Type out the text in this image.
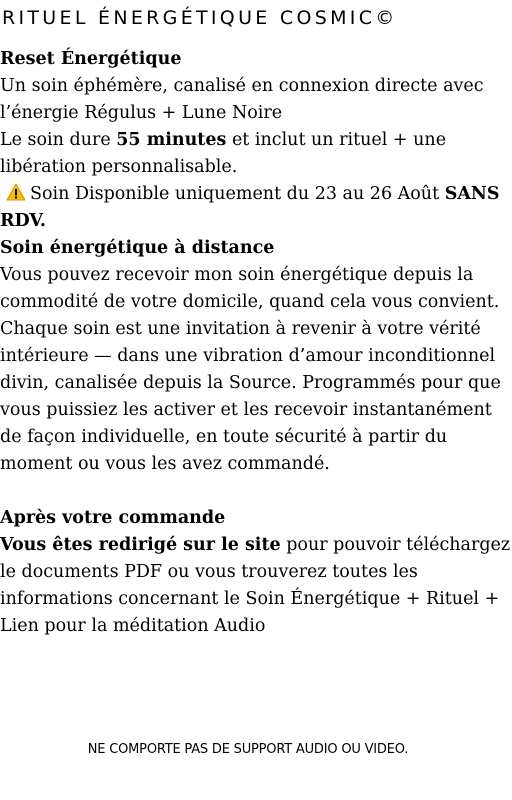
RITUEL ÉNERGÉTIQUE COSMIC©

Reset Énergétique

Un soin éphémère, canalisé en connexion directe avec l’énergie Régulus + Lune Noire

Le soin dure 55 minutes et inclut un rituel + une libération personnalisable.

Soin Disponible uniquement du 23 au 26 Août SANS RDV.

Soin énergétique à distance

Vous pouvez recevoir mon soin énergétique depuis la commodité de votre domicile, quand cela vous convient.

Chaque soin est une invitation à revenir à votre vérité intérieure — dans une vibration d’amour inconditionnel divin, canalisée depuis la Source. Programmés pour que vous puissiez les activer et les recevoir instantanément de façon individuelle, en toute sécurité à partir du moment ou vous les avez commandé.

Après votre commande

Vous êtes redirigé sur le site pour pouvoir téléchargez le documents PDF ou vous trouverez toutes les informations concernant le Soin Énergétique + Rituel + Lien pour la méditation Audio

NE COMPORTE PAS DE SUPPORT AUDIO OU VIDEO.
